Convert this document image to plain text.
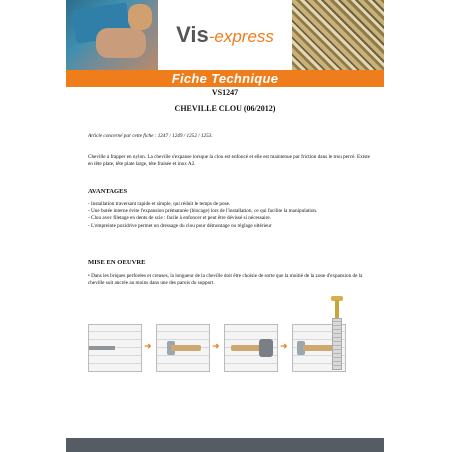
Vis-express
Fiche Technique
VS1247
CHEVILLE CLOU (06/2012)
Article concerné par cette fiche : 1247 / 1249 / 1252 / 1253.
Cheville à frapper en nylon. La cheville s'expanse lorsque la clou est enfoncé et elle est maintenue par friction dans le trou percé. Existe en tête plate, tête plate large, tête fraisée et inox A2.
AVANTAGES
- Installation traversant rapide et simple, qui réduit le temps de pose.
- Une butée interne évite l'expansion prématurée (blocage) lors de l'installation, ce qui facilite la manipulation.
- Clou avec filetage en dents de scie : facile à enfoncer et peut être dévissé si nécessaire.
- L'empreinte pozidrive permet un dressage du clou pour démontage ou réglage ultérieur
MISE EN OEUVRE
• Dans les briques perforées et creuses, la longueur de la cheville doit être choisie de sorte que la moitié de la zone d'expansion de la cheville soit ancrée au moins dans une des parois du support.
➜	➜	➜
